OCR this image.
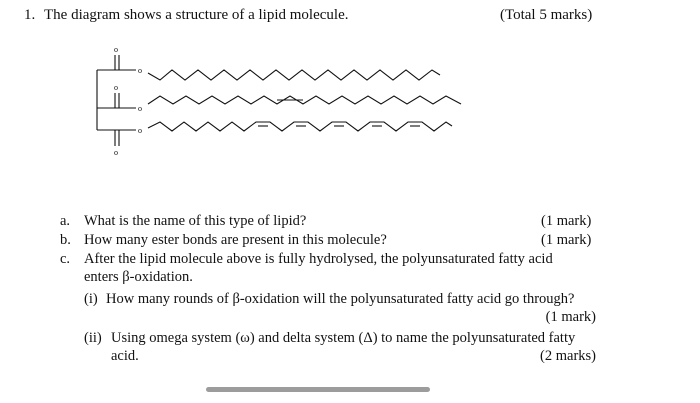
1. The diagram shows a structure of a lipid molecule.	(Total 5 marks)
o
o
o
o
o
o
a. What is the name of this type of lipid?	(1 mark)
b. How many ester bonds are present in this molecule?	(1 mark)
c. After the lipid molecule above is fully hydrolysed, the polyunsaturated fatty acid
enters β-oxidation.
(i) How many rounds of β-oxidation will the polyunsaturated fatty acid go through?
(1 mark)
(ii) Using omega system (ω) and delta system (Δ) to name the polyunsaturated fatty
acid.	(2 marks)
